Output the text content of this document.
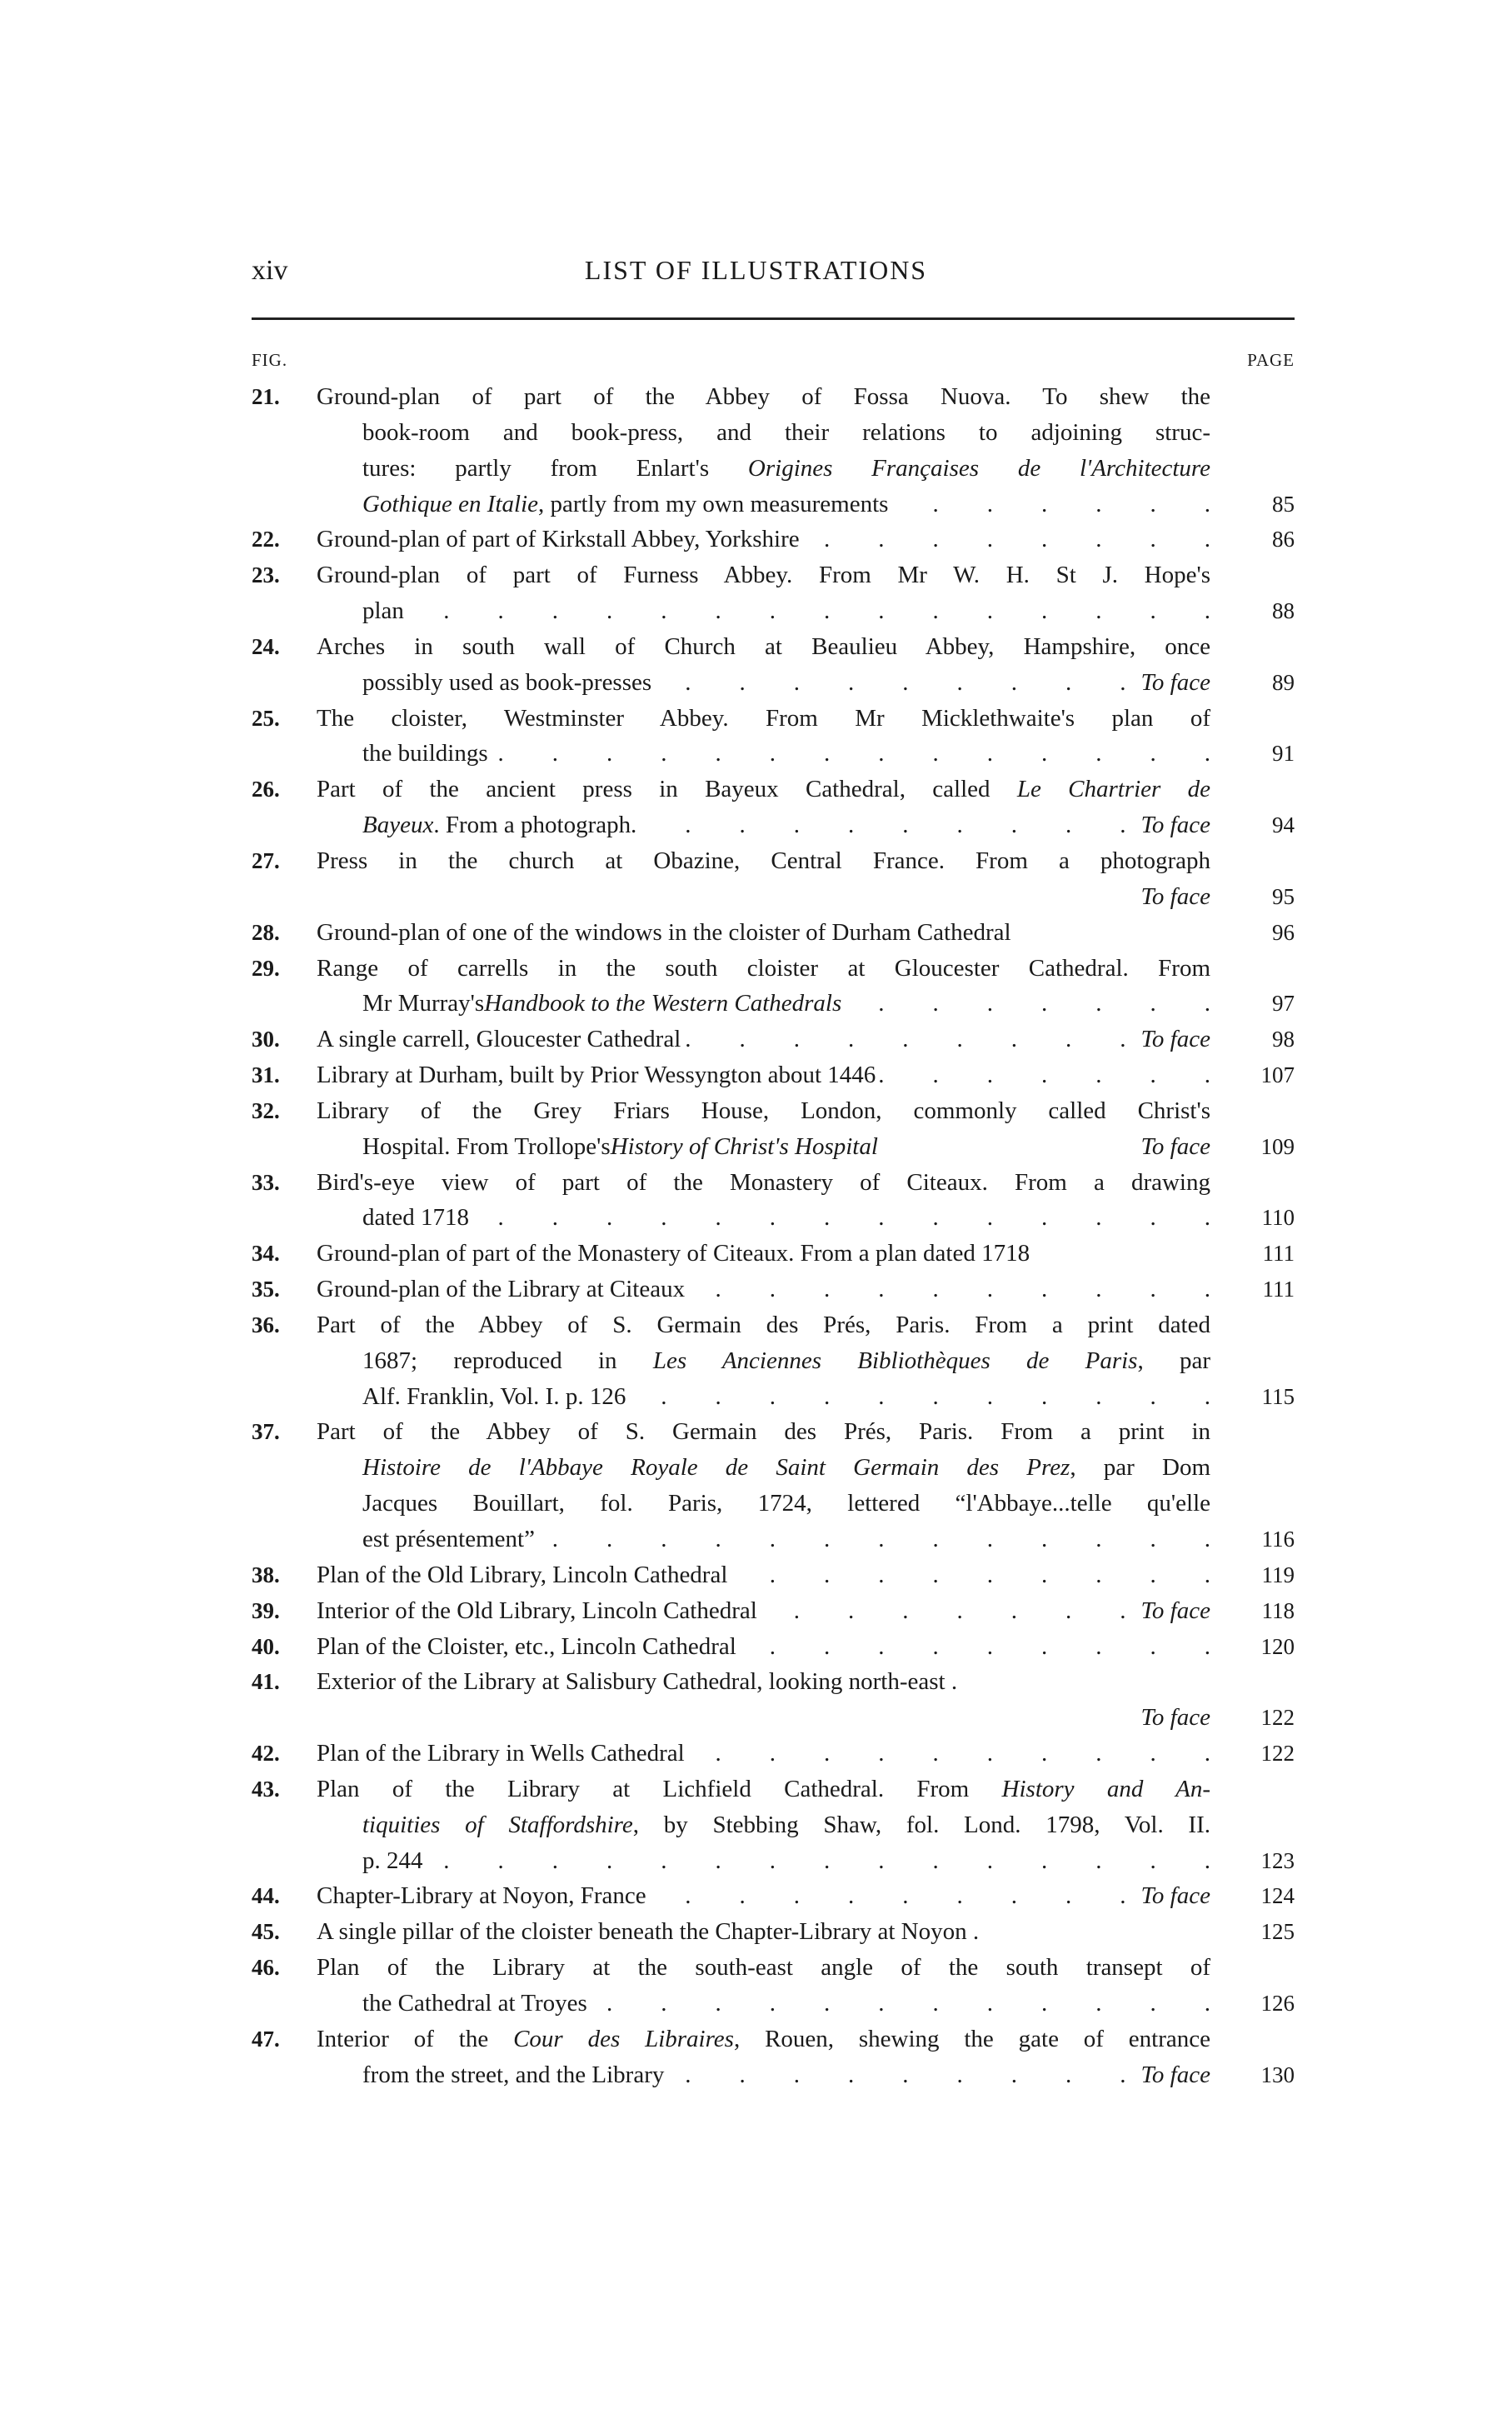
xiv	LIST OF ILLUSTRATIONS
FIG.	PAGE
21. Ground-plan of part of the Abbey of Fossa Nuova. To shew the
book-room and book-press, and their relations to adjoining struc-
tures: partly from Enlart's Origines Françaises de l'Architecture
Gothique en Italie , partly from my own measurements .  . 	85
22. Ground-plan of part of Kirkstall Abbey, Yorkshire .  . 	86
23. Ground-plan of part of Furness Abbey. From Mr W. H. St J. Hope's
plan .  . 	88
24. Arches in south wall of Church at Beaulieu Abbey, Hampshire, once
possibly used as book-presses .  . 	To face	89
25. The cloister, Westminster Abbey. From Mr Micklethwaite's plan of
the buildings .  . 	91
26. Part of the ancient press in Bayeux Cathedral, called Le Chartrier de
Bayeux . From a photograph .  . 	To face	94
27. Press in the church at Obazine, Central France. From a photograph
To face	95
28. Ground-plan of one of the windows in the cloister of Durham Cathedral	96
29. Range of carrells in the south cloister at Gloucester Cathedral. From
Mr Murray's Handbook to the Western Cathedrals .  . 	97
30. A single carrell, Gloucester Cathedral .  . 	To face	98
31. Library at Durham, built by Prior Wessyngton about 1446 .  . 	107
32. Library of the Grey Friars House, London, commonly called Christ's
Hospital. From Trollope's History of Christ's Hospital	To face 109
33. Bird's-eye view of part of the Monastery of Citeaux. From a drawing
dated 1718 .  . 	110
34. Ground-plan of part of the Monastery of Citeaux. From a plan dated 1718	111
35. Ground-plan of the Library at Citeaux .  . 	111
36. Part of the Abbey of S. Germain des Prés, Paris. From a print dated
1687; reproduced in Les Anciennes Bibliothèques de Paris, par
Alf. Franklin, Vol. I. p. 126 .  . 	115
37. Part of the Abbey of S. Germain des Prés, Paris. From a print in
Histoire de l'Abbaye Royale de Saint Germain des Prez, par Dom
Jacques Bouillart, fol. Paris, 1724, lettered “l'Abbaye...telle qu'elle
est présentement” .  . 	116
38. Plan of the Old Library, Lincoln Cathedral .  . 	119
39. Interior of the Old Library, Lincoln Cathedral .  . 	To face 118
40. Plan of the Cloister, etc., Lincoln Cathedral .  . 	120
41. Exterior of the Library at Salisbury Cathedral, looking north-east .
To face 122
42. Plan of the Library in Wells Cathedral .  . 	122
43. Plan of the Library at Lichfield Cathedral. From History and An-
tiquities of Staffordshire, by Stebbing Shaw, fol. Lond. 1798, Vol. II.
p. 244 .  . 	123
44. Chapter-Library at Noyon, France .  . 	To face 124
45. A single pillar of the cloister beneath the Chapter-Library at Noyon .	125
46. Plan of the Library at the south-east angle of the south transept of
the Cathedral at Troyes .  . 	126
47. Interior of the Cour des Libraires, Rouen, shewing the gate of entrance
from the street, and the Library .  . 	To face 130
